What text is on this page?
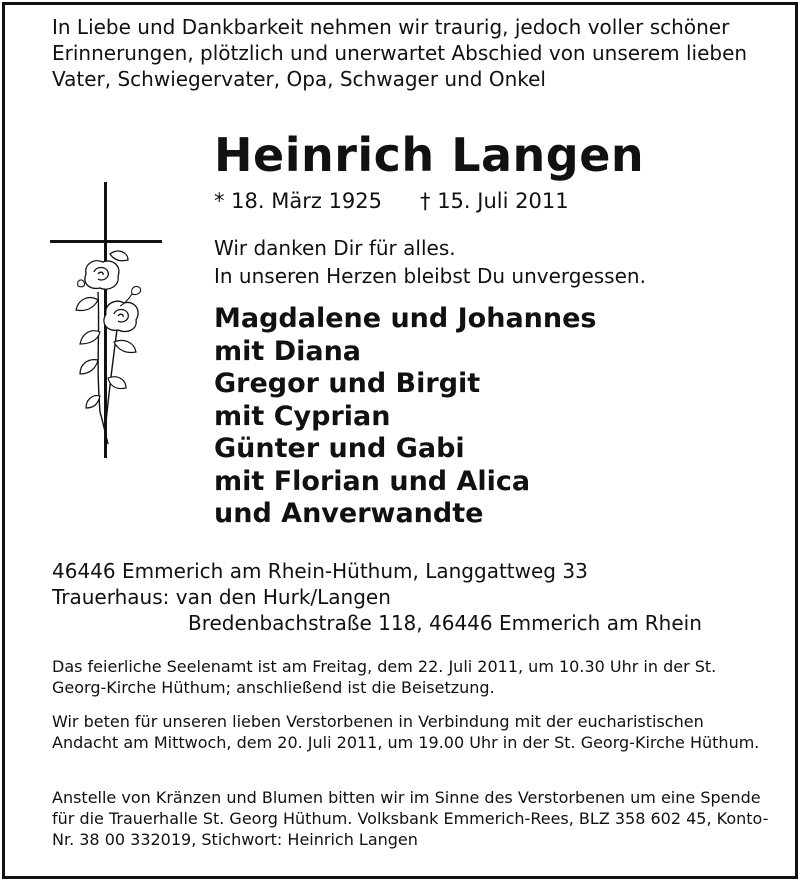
In Liebe und Dankbarkeit nehmen wir traurig, jedoch voller schöner
Erinnerungen, plötzlich und unerwartet Abschied von unserem lieben
Vater, Schwiegervater, Opa, Schwager und Onkel
Heinrich Langen
* 18. März 1925 † 15. Juli 2011
Wir danken Dir für alles.
In unseren Herzen bleibst Du unvergessen.
Magdalene und Johannes
mit Diana
Gregor und Birgit
mit Cyprian
Günter und Gabi
mit Florian und Alica
und Anverwandte
46446 Emmerich am Rhein-Hüthum, Langgattweg 33
Trauerhaus: van den Hurk/Langen
Bredenbachstraße 118, 46446 Emmerich am Rhein
Das feierliche Seelenamt ist am Freitag, dem 22. Juli 2011, um 10.30 Uhr in der St. Georg-Kirche Hüthum; anschließend ist die Beisetzung.
Wir beten für unseren lieben Verstorbenen in Verbindung mit der eucharistischen Andacht am Mittwoch, dem 20. Juli 2011, um 19.00 Uhr in der St. Georg-Kirche Hüthum.
Anstelle von Kränzen und Blumen bitten wir im Sinne des Verstorbenen um eine Spende für die Trauerhalle St. Georg Hüthum. Volksbank Emmerich-Rees, BLZ 358 602 45, Konto-Nr. 38 00 332019, Stichwort: Heinrich Langen
